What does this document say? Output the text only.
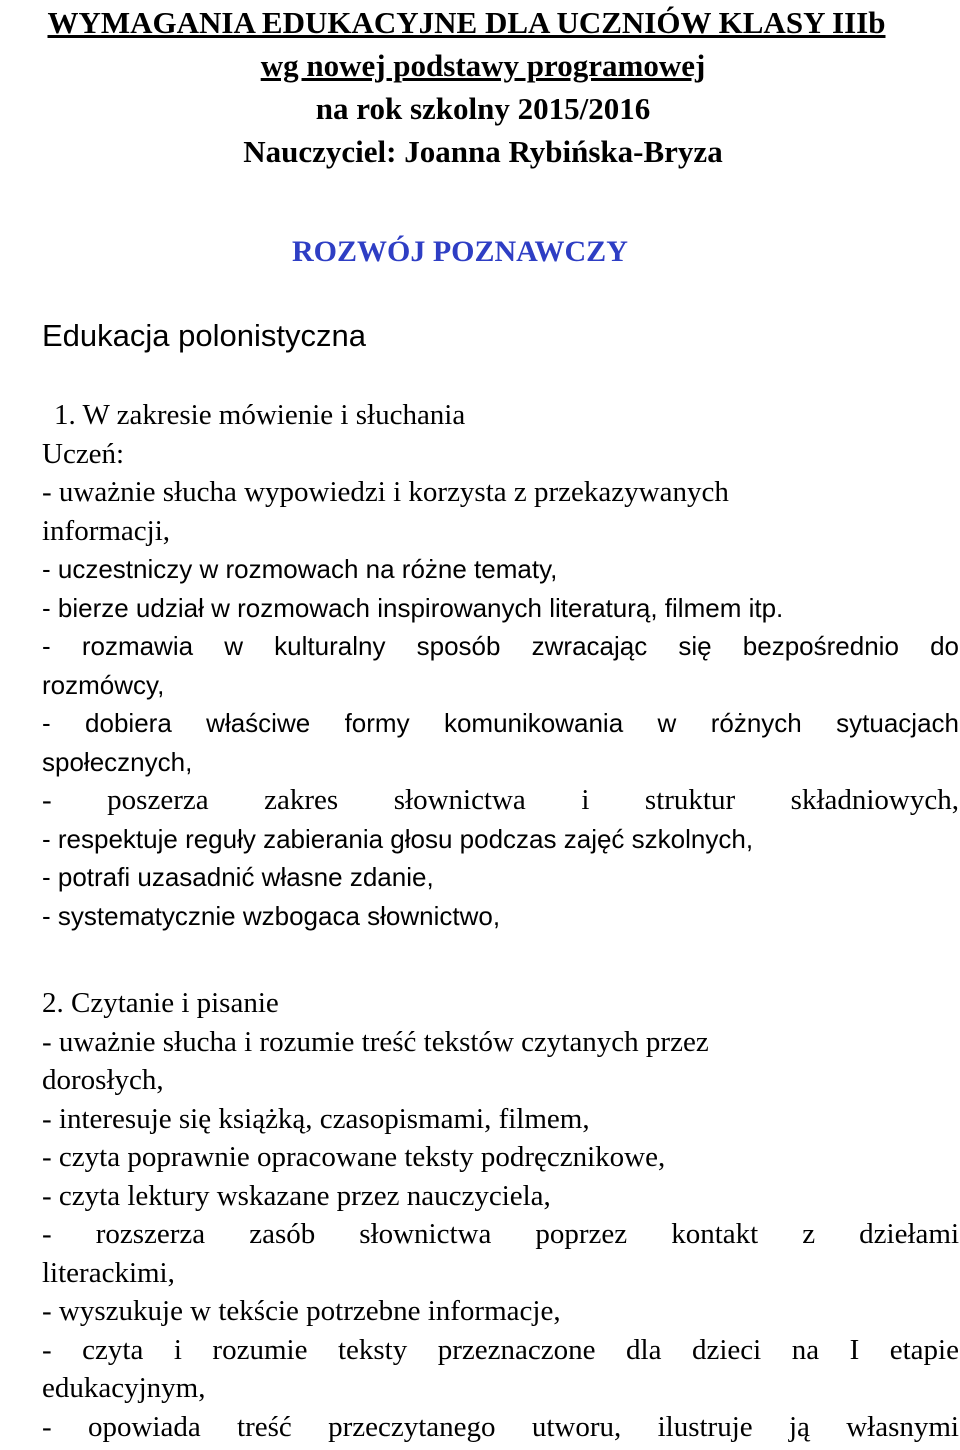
WYMAGANIA EDUKACYJNE DLA UCZNIÓW KLASY IIIb
wg nowej podstawy programowej
na rok szkolny 2015/2016
Nauczyciel: Joanna Rybińska-Bryza
ROZWÓJ POZNAWCZY
Edukacja polonistyczna
1. W zakresie mówienie i słuchania
Uczeń:
- uważnie słucha wypowiedzi i korzysta z przekazywanych
informacji,
- uczestniczy w rozmowach na różne tematy,
- bierze udział w rozmowach inspirowanych literaturą, filmem itp.
- rozmawia w kulturalny sposób zwracając się bezpośrednio do
rozmówcy,
- dobiera właściwe formy komunikowania w różnych sytuacjach
społecznych,
- poszerza zakres słownictwa i struktur składniowych,
- respektuje reguły zabierania głosu podczas zajęć szkolnych,
- potrafi uzasadnić własne zdanie,
- systematycznie wzbogaca słownictwo,
2. Czytanie i pisanie
- uważnie słucha i rozumie treść tekstów czytanych przez
dorosłych,
- interesuje się książką, czasopismami, filmem,
- czyta poprawnie opracowane teksty podręcznikowe,
- czyta lektury wskazane przez nauczyciela,
- rozszerza zasób słownictwa poprzez kontakt z dziełami
literackimi,
- wyszukuje w tekście potrzebne informacje,
- czyta i rozumie teksty przeznaczone dla dzieci na I etapie
edukacyjnym,
- opowiada treść przeczytanego utworu, ilustruje ją własnymi
